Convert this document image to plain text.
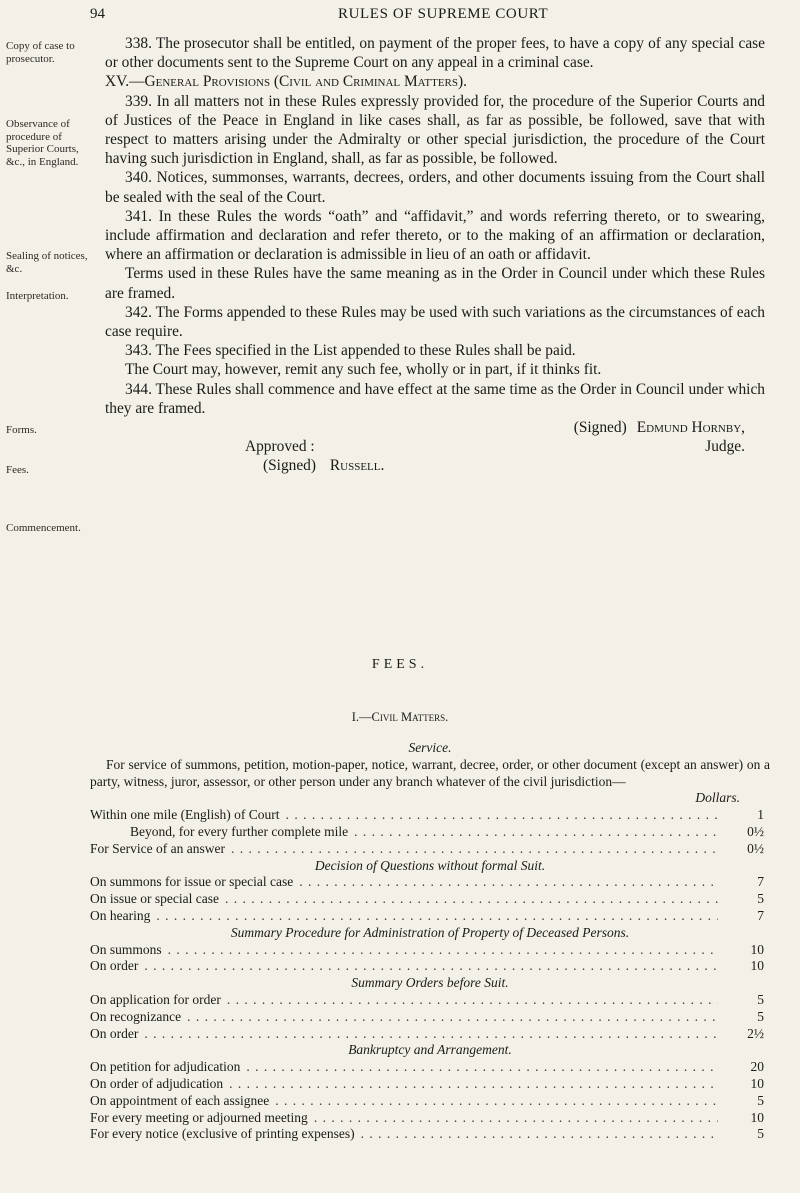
94	RULES OF SUPREME COURT
Copy of case to prosecutor.
Observance of procedure of Superior Courts, &c., in England.
Sealing of notices, &c.
Interpretation.
Forms.
Fees.
Commencement.

338. The prosecutor shall be entitled, on payment of the proper fees, to have a copy of any special case or other documents sent to the Supreme Court on any appeal in a criminal case.

XV.—General Provisions (Civil and Criminal Matters).

339. In all matters not in these Rules expressly provided for, the procedure of the Superior Courts and of Justices of the Peace in England in like cases shall, as far as possible, be followed, save that with respect to matters arising under the Admiralty or other special jurisdiction, the procedure of the Court having such jurisdiction in England, shall, as far as possible, be followed.

340. Notices, summonses, warrants, decrees, orders, and other documents issuing from the Court shall be sealed with the seal of the Court.

341. In these Rules the words “oath” and “affidavit,” and words referring thereto, or to swearing, include affirmation and declaration and refer thereto, or to the making of an affirmation or declaration, where an affirmation or declaration is admissible in lieu of an oath or affidavit.

Terms used in these Rules have the same meaning as in the Order in Council under which these Rules are framed.

342. The Forms appended to these Rules may be used with such variations as the circumstances of each case require.

343. The Fees specified in the List appended to these Rules shall be paid.

The Court may, however, remit any such fee, wholly or in part, if it thinks fit.

344. These Rules shall commence and have effect at the same time as the Order in Council under which they are framed.

(Signed) Edmund Hornby,
Approved :	Judge.
(Signed) Russell.
FEES.
I.—Civil Matters.

Service.

For service of summons, petition, motion-paper, notice, warrant, decree, order, or other document (except an answer) on a party, witness, juror, assessor, or other person under any branch whatever of the civil jurisdiction—

Dollars.
Within one mile (English) of Court . . .	1
Beyond, for every further complete mile . . .	0½
For Service of an answer . . .	0½

Decision of Questions without formal Suit.

On summons for issue or special case . . .	7
On issue or special case . . .	5
On hearing . . .	7

Summary Procedure for Administration of Property of Deceased Persons.

On summons . . .	10
On order . . .	10

Summary Orders before Suit.

On application for order . . .	5
On recognizance . . .	5
On order . . .	2½

Bankruptcy and Arrangement.

On petition for adjudication . . .	20
On order of adjudication . . .	10
On appointment of each assignee . . .	5
For every meeting or adjourned meeting . . .	10
For every notice (exclusive of printing expenses) . . .	5
